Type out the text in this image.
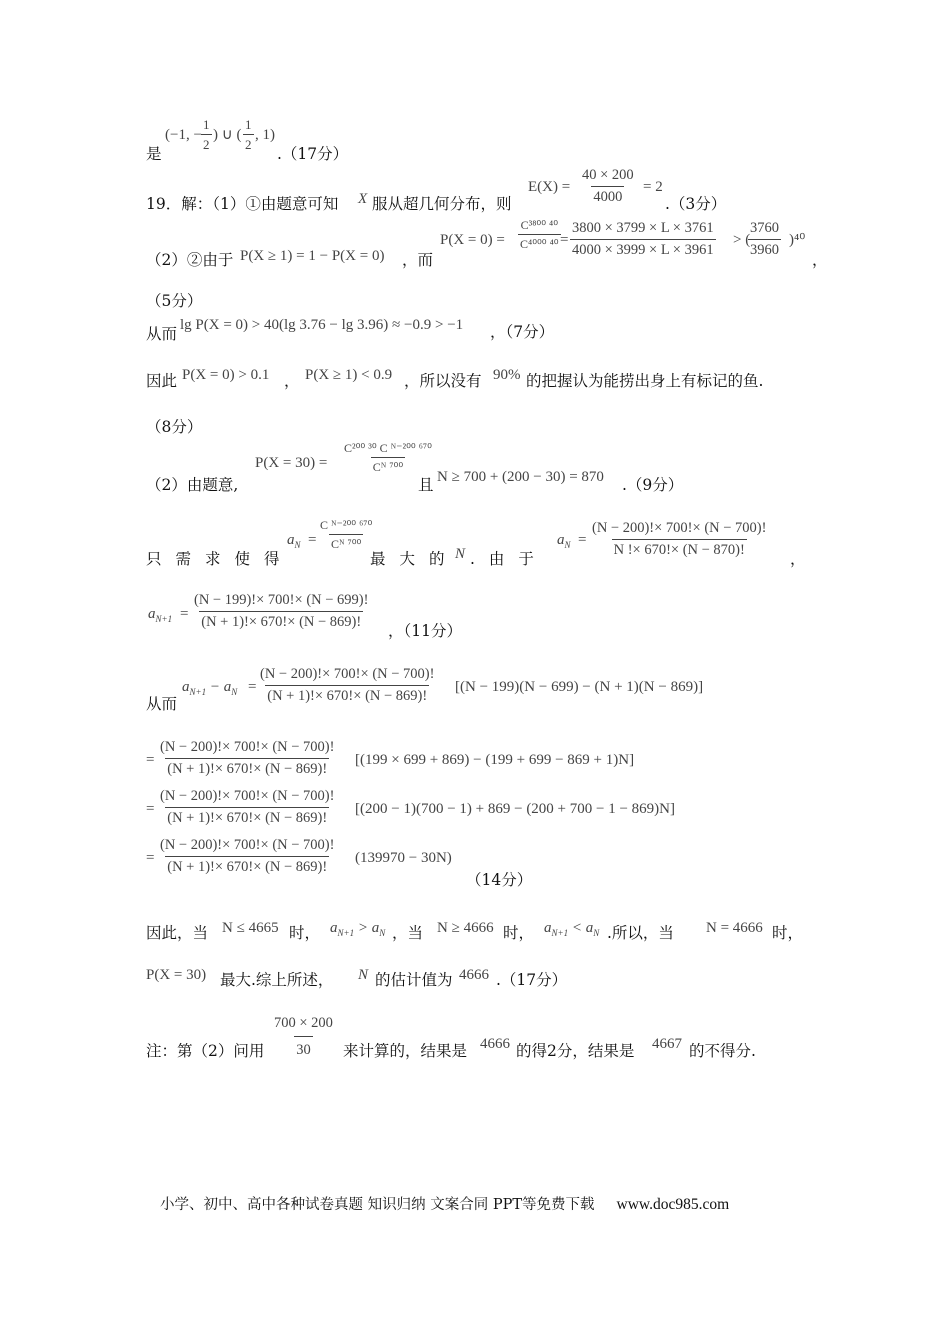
是
(−1, − $\frac{1}{2}$ ) ∪ ( $\frac{1}{2}$ , 1)
.（17分）
19．解：（1）①由题意可知 X 服从超几何分布，则
$E(X) = \frac{40 \times 200}{4000} = 2$
.（3分）
（2）②由于 P(X ≥ 1) = 1 − P(X = 0) ，而
$P(X = 0) = \frac{\text{C³⁸⁰⁰ ⁴⁰}}{\text{C⁴⁰⁰⁰ ⁴⁰}} = \frac{3800 \times 3799 \times L \times 3761}{4000 \times 3999 \times L \times 3961}$ > (
$\frac{3760}{3960} )^{40}$
，
（5分）
从而 lg P(X = 0) > 40(lg 3.76 − lg 3.96) ≈ −0.9 > −1 ，（7分）
因此 P(X = 0) > 0.1 ， P(X ≥ 1) < 0.9 ，所以没有 90% 的把握认为能捞出身上有标记的鱼.
（8分）
$P(X = 30) = \frac{\text{C²⁰⁰ ³⁰ C ᴺ⁻²⁰⁰ ⁶⁷⁰}}{\text{Cᴺ ⁷⁰⁰}}$
（2）由题意,	且 N ≥ 700 + (200 − 30) = 870 .（9分）
只需求使得
$a_N = \frac{\text{C ᴺ⁻²⁰⁰ ⁶⁷⁰}}{\text{Cᴺ ⁷⁰⁰}}$
最大的
N .由于
$a_N = \frac{(N - 200)!\times 700!\times (N - 700)!}{N !\times 670!\times (N - 870)!}$
，
$a_{N+1} = \frac{(N - 199)!\times 700!\times (N - 699)!}{(N + 1)!\times 670!\times (N - 869)!}$
，（11分）
$a_{N+1} - a_N = \frac{(N - 200)!\times 700!\times (N - 700)!}{(N + 1)!\times 670!\times (N - 869)!} [(N - 199)(N - 699) - (N + 1)(N - 869)]$
从而
= $\frac{(N - 200)!\times 700!\times (N - 700)!}{(N + 1)!\times 670!\times (N - 869)!} [(199 \times 699 + 869) - (199 + 699 - 869 + 1)N]$
= $\frac{(N - 200)!\times 700!\times (N - 700)!}{(N + 1)!\times 670!\times (N - 869)!} [(200 - 1)(700 - 1) + 869 - (200 + 700 - 1 - 869)N]$
= $\frac{(N - 200)!\times 700!\times (N - 700)!}{(N + 1)!\times 670!\times (N - 869)!} (139970 - 30N)$
（14分）
因此，当 N ≤ 4665 时， $a_{N+1} > a_N$ ，当 N ≥ 4666 时， $a_{N+1} < a_N$ .所以，当 N = 4666 时，
P(X = 30) 最大.综上所述， N 的估计值为 4666 .（17分）
注：第（2）问用 $\frac{700 \times 200}{30}$ 来计算的，结果是 4666 的得2分，结果是 4667 的不得分.
小学、初中、高中各种试卷真题 知识归纳 文案合同 PPT等免费下载 www.doc985.com
